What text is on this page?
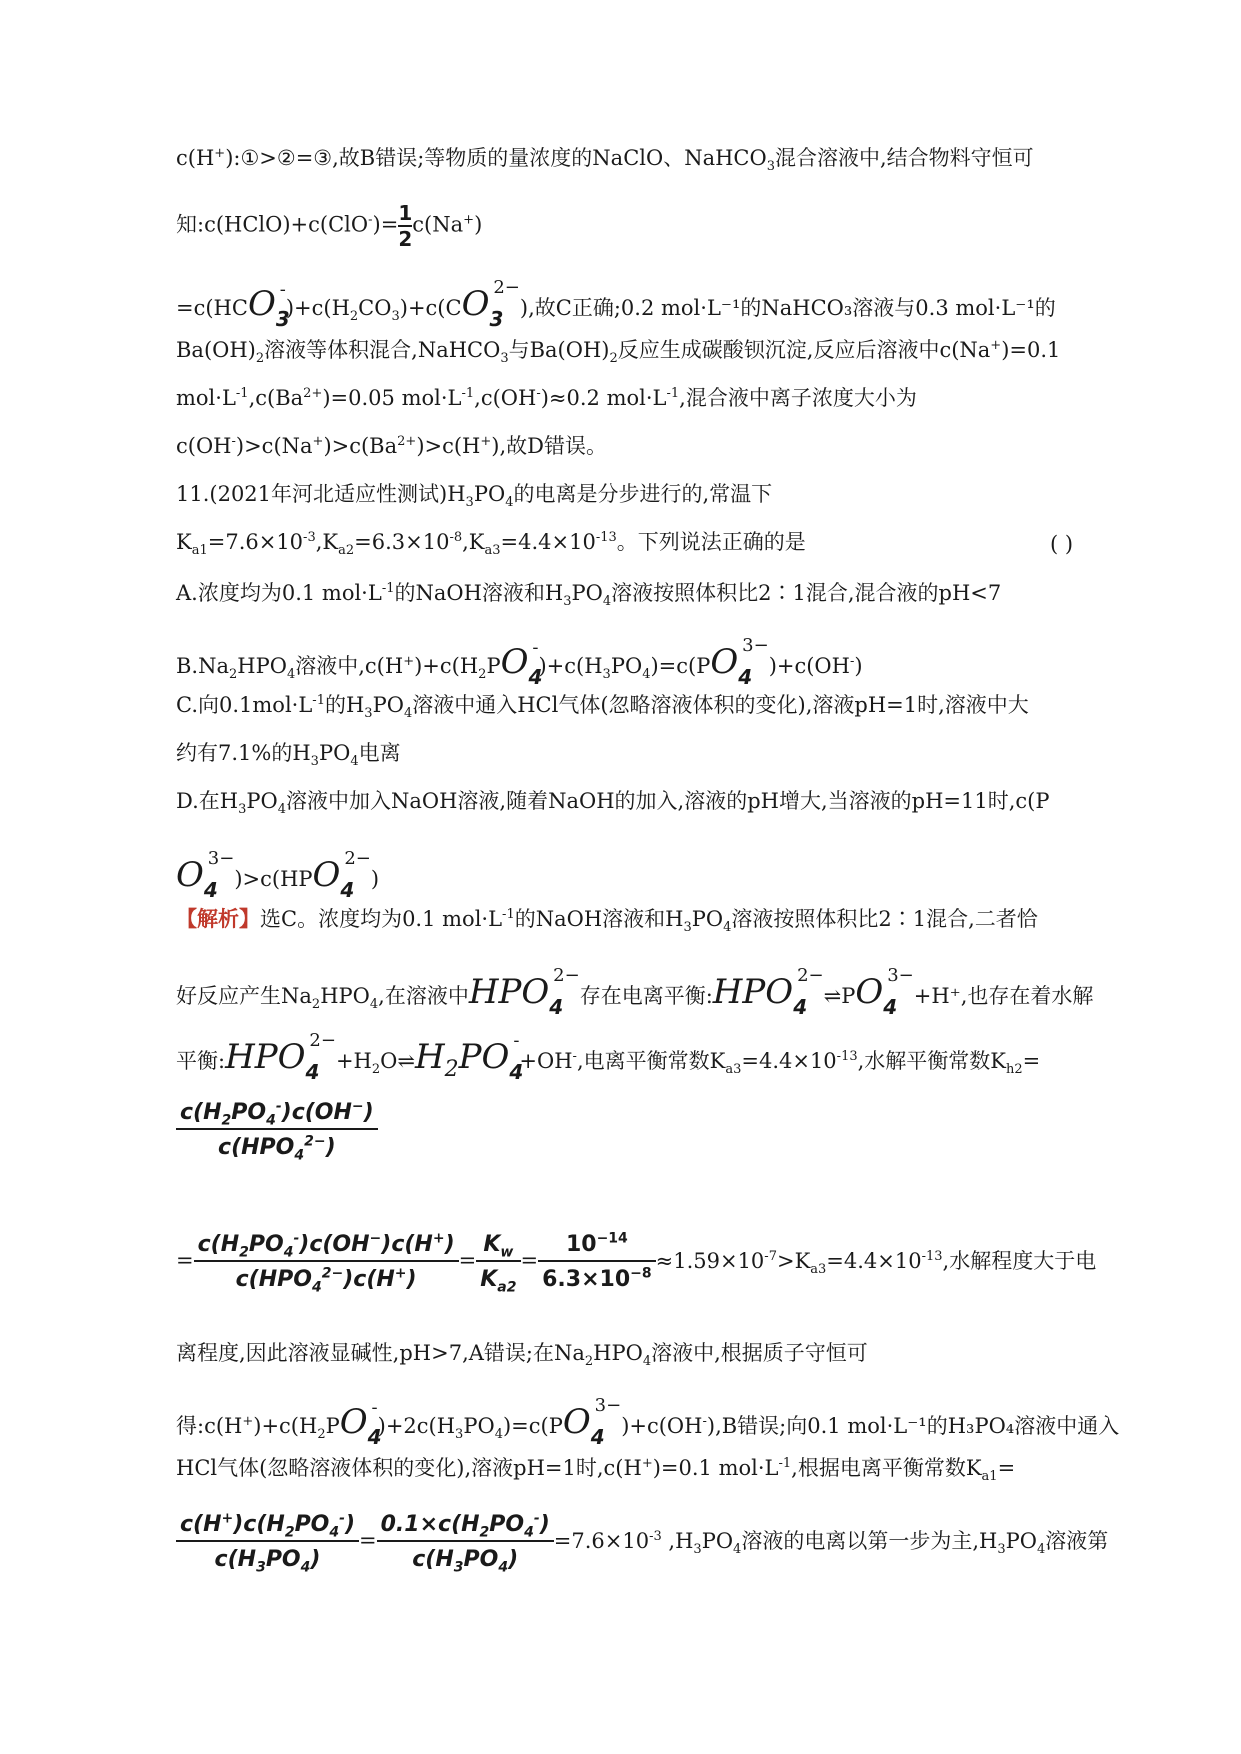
c(H+):①>②=③,故B错误;等物质的量浓度的NaClO、NaHCO$_3$混合溶液中,结合物料守恒可
知:c(HClO)+c(ClO-)= $\frac{1}{2} c(Na^+)$
$=c(HCO_3^-)+c(H_2CO_3)+c(CO_3^{2-})$,故C正确;0.2 mol·L⁻¹的NaHCO₃溶液与0.3 mol·L⁻¹的
$Ba(OH)_2$溶液等体积混合,NaHCO$_3$与$Ba(OH)_2$反应生成碳酸钡沉淀,反应后溶液中c(Na+)=0.1
$mol\cdot L^{-1},c(Ba^{2+})=0.05$ $mol\cdot L^{-1},c(OH^-)\approx 0.2$ $mol\cdot L^{-1}$,混合液中离子浓度大小为
$c(OH^-)>c(Na^+)>c(Ba^{2+})>c(H^+)$,故D错误。
11.(2021年河北适应性测试)$H_3PO_4$的电离是分步进行的,常温下
$K_{a1}=7.6\times 10^{-3},K_{a2}=6.3\times 10^{-8},K_{a3}=4.4\times 10^{-13}$。下列说法正确的是	( )
A.浓度均为0.1 $mol\cdot L^{-1}$的NaOH溶液和$H_3PO_4$溶液按照体积比2∶1混合,混合液的pH<7
$B.Na_2HPO_4$溶液中$,c(H^+)+c(H_2PO_4^-)+c(H_3PO_4)=c(PO_4^{3-})+c(OH^-)$
C.向$0.1mol\cdot L^{-1}$的$H_3PO_4$溶液中通入HCl气体(忽略溶液体积的变化),溶液pH=1时,溶液中大
约有7.1%的$H_3PO_4$电离
D.在$H_3PO_4$溶液中加入NaOH溶液,随着NaOH的加入,溶液的pH增大,当溶液的pH=11时,c(P
$O_4^{3-})>c(HPO_4^{2-})$
【解析】选C。浓度均为0.1 $mol\cdot L^{-1}$的NaOH溶液和$H_3PO_4$溶液按照体积比2∶1混合,二者恰
好反应产生$Na_2HPO_4$,在溶液中$HPO_4^{2-}$存在电离平衡$:HPO_4^{2-}\rightleftharpoons PO_4^{3-}+H^+$,也存在着水解
平衡$:HPO_4^{2-}+H_2O\rightleftharpoons H_2PO_4^-+OH^-$,电离平衡常数$K_{a3}=4.4\times 10^{-13}$,水解平衡常数$K_{h2}=$
$\frac{c(H_2PO_4^-)c(OH^-)}{c(HPO_4^{2-})}$
= $\frac{c(H_2PO_4^-)c(OH^-)c(H^+)}{c(HPO_4^{2-})c(H^+)} = \frac{K_w}{K_{a2}} = \frac{10^{-14}}{6.3\times 10^{-8}} \approx 1.59\times 10^{-7}>K_{a3}=4.4\times 10^{-13}$,水解程度大于电
离程度,因此溶液显碱性,pH>7,A错误;在$Na_2HPO_4$溶液中,根据质子守恒可
得$:c(H^+)+c(H_2PO_4^-)+2c(H_3PO_4)=c(PO_4^{3-})+c(OH^-),B$错误;向0.1 mol·L⁻¹的H₃PO₄溶液中通入
HCl气体(忽略溶液体积的变化),溶液pH=1时,c(H+)=0.1 $mol\cdot L^{-1}$,根据电离平衡常数$K_{a1}=$
$\frac{c(H^+)c(H_2PO_4^-)}{c(H_3PO_4)} = \frac{0.1\times c(H_2PO_4^-)}{c(H_3PO_4)} =7.6\times 10^{-3}$ $,H_3PO_4$溶液的电离以第一步为主$,H_3PO_4$溶液第
